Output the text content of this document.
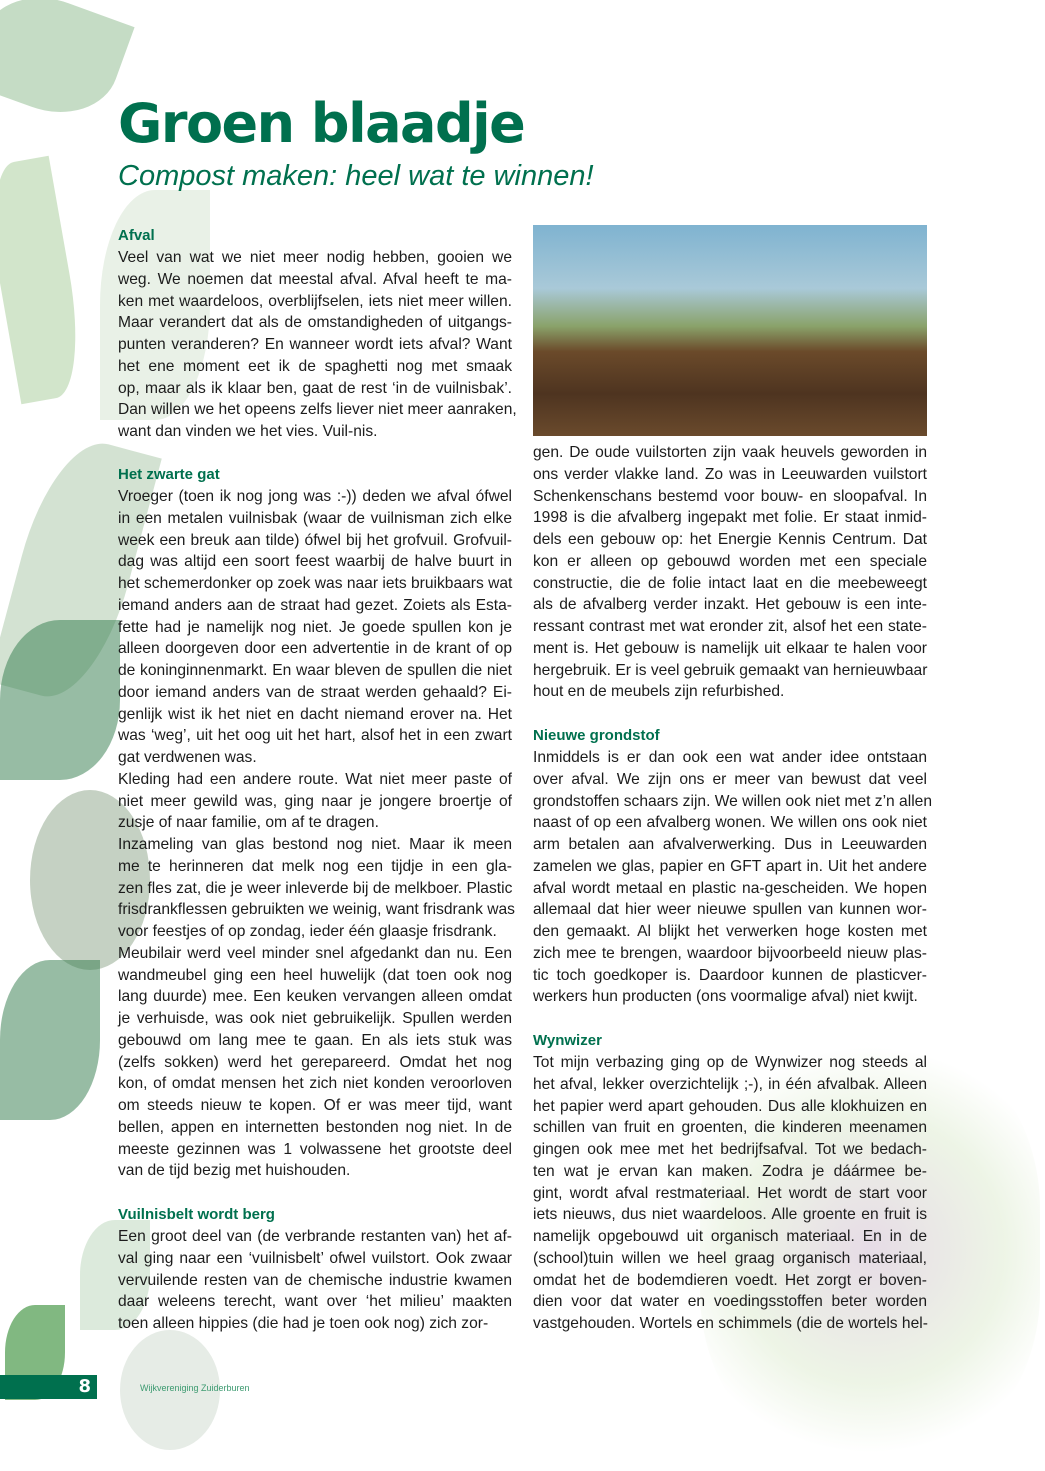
Groen blaadje

Compost maken: heel wat te winnen!

Afval
Veel van wat we niet meer nodig hebben, gooien we
weg. We noemen dat meestal afval. Afval heeft te ma-
ken met waardeloos, overblijfselen, iets niet meer willen.
Maar verandert dat als de omstandigheden of uitgangs-
punten veranderen? En wanneer wordt iets afval? Want
het ene moment eet ik de spaghetti nog met smaak
op, maar als ik klaar ben, gaat de rest ‘in de vuilnisbak’.
Dan willen we het opeens zelfs liever niet meer aanraken,
want dan vinden we het vies. Vuil-nis.
Het zwarte gat
Vroeger (toen ik nog jong was :-)) deden we afval ófwel
in een metalen vuilnisbak (waar de vuilnisman zich elke
week een breuk aan tilde) ófwel bij het grofvuil. Grofvuil-
dag was altijd een soort feest waarbij de halve buurt in
het schemerdonker op zoek was naar iets bruikbaars wat
iemand anders aan de straat had gezet. Zoiets als Esta-
fette had je namelijk nog niet. Je goede spullen kon je
alleen doorgeven door een advertentie in de krant of op
de koninginnenmarkt. En waar bleven de spullen die niet
door iemand anders van de straat werden gehaald? Ei-
genlijk wist ik het niet en dacht niemand erover na. Het
was ‘weg’, uit het oog uit het hart, alsof het in een zwart
gat verdwenen was.
Kleding had een andere route. Wat niet meer paste of
niet meer gewild was, ging naar je jongere broertje of
zusje of naar familie, om af te dragen.
Inzameling van glas bestond nog niet. Maar ik meen
me te herinneren dat melk nog een tijdje in een gla-
zen fles zat, die je weer inleverde bij de melkboer. Plastic
frisdrankflessen gebruikten we weinig, want frisdrank was
voor feestjes of op zondag, ieder één glaasje frisdrank.
Meubilair werd veel minder snel afgedankt dan nu. Een
wandmeubel ging een heel huwelijk (dat toen ook nog
lang duurde) mee. Een keuken vervangen alleen omdat
je verhuisde, was ook niet gebruikelijk. Spullen werden
gebouwd om lang mee te gaan. En als iets stuk was
(zelfs sokken) werd het gerepareerd. Omdat het nog
kon, of omdat mensen het zich niet konden veroorloven
om steeds nieuw te kopen. Of er was meer tijd, want
bellen, appen en internetten bestonden nog niet. In de
meeste gezinnen was 1 volwassene het grootste deel
van de tijd bezig met huishouden.
Vuilnisbelt wordt berg
Een groot deel van (de verbrande restanten van) het af-
val ging naar een ‘vuilnisbelt’ ofwel vuilstort. Ook zwaar
vervuilende resten van de chemische industrie kwamen
daar weleens terecht, want over ‘het milieu’ maakten
toen alleen hippies (die had je toen ook nog) zich zor-
gen. De oude vuilstorten zijn vaak heuvels geworden in
ons verder vlakke land. Zo was in Leeuwarden vuilstort
Schenkenschans bestemd voor bouw- en sloopafval. In
1998 is die afvalberg ingepakt met folie. Er staat inmid-
dels een gebouw op: het Energie Kennis Centrum. Dat
kon er alleen op gebouwd worden met een speciale
constructie, die de folie intact laat en die meebeweegt
als de afvalberg verder inzakt. Het gebouw is een inte-
ressant contrast met wat eronder zit, alsof het een state-
ment is. Het gebouw is namelijk uit elkaar te halen voor
hergebruik. Er is veel gebruik gemaakt van hernieuwbaar
hout en de meubels zijn refurbished.
Nieuwe grondstof
Inmiddels is er dan ook een wat ander idee ontstaan
over afval. We zijn ons er meer van bewust dat veel
grondstoffen schaars zijn. We willen ook niet met z’n allen
naast of op een afvalberg wonen. We willen ons ook niet
arm betalen aan afvalverwerking. Dus in Leeuwarden
zamelen we glas, papier en GFT apart in. Uit het andere
afval wordt metaal en plastic na-gescheiden. We hopen
allemaal dat hier weer nieuwe spullen van kunnen wor-
den gemaakt. Al blijkt het verwerken hoge kosten met
zich mee te brengen, waardoor bijvoorbeeld nieuw plas-
tic toch goedkoper is. Daardoor kunnen de plasticver-
werkers hun producten (ons voormalige afval) niet kwijt.
Wynwizer
Tot mijn verbazing ging op de Wynwizer nog steeds al
het afval, lekker overzichtelijk ;-), in één afvalbak. Alleen
het papier werd apart gehouden. Dus alle klokhuizen en
schillen van fruit en groenten, die kinderen meenamen
gingen ook mee met het bedrijfsafval. Tot we bedach-
ten wat je ervan kan maken. Zodra je dáármee be-
gint, wordt afval restmateriaal. Het wordt de start voor
iets nieuws, dus niet waardeloos. Alle groente en fruit is
namelijk opgebouwd uit organisch materiaal. En in de
(school)tuin willen we heel graag organisch materiaal,
omdat het de bodemdieren voedt. Het zorgt er boven-
dien voor dat water en voedingsstoffen beter worden
vastgehouden. Wortels en schimmels (die de wortels hel-
8	Wijkvereniging Zuiderburen
